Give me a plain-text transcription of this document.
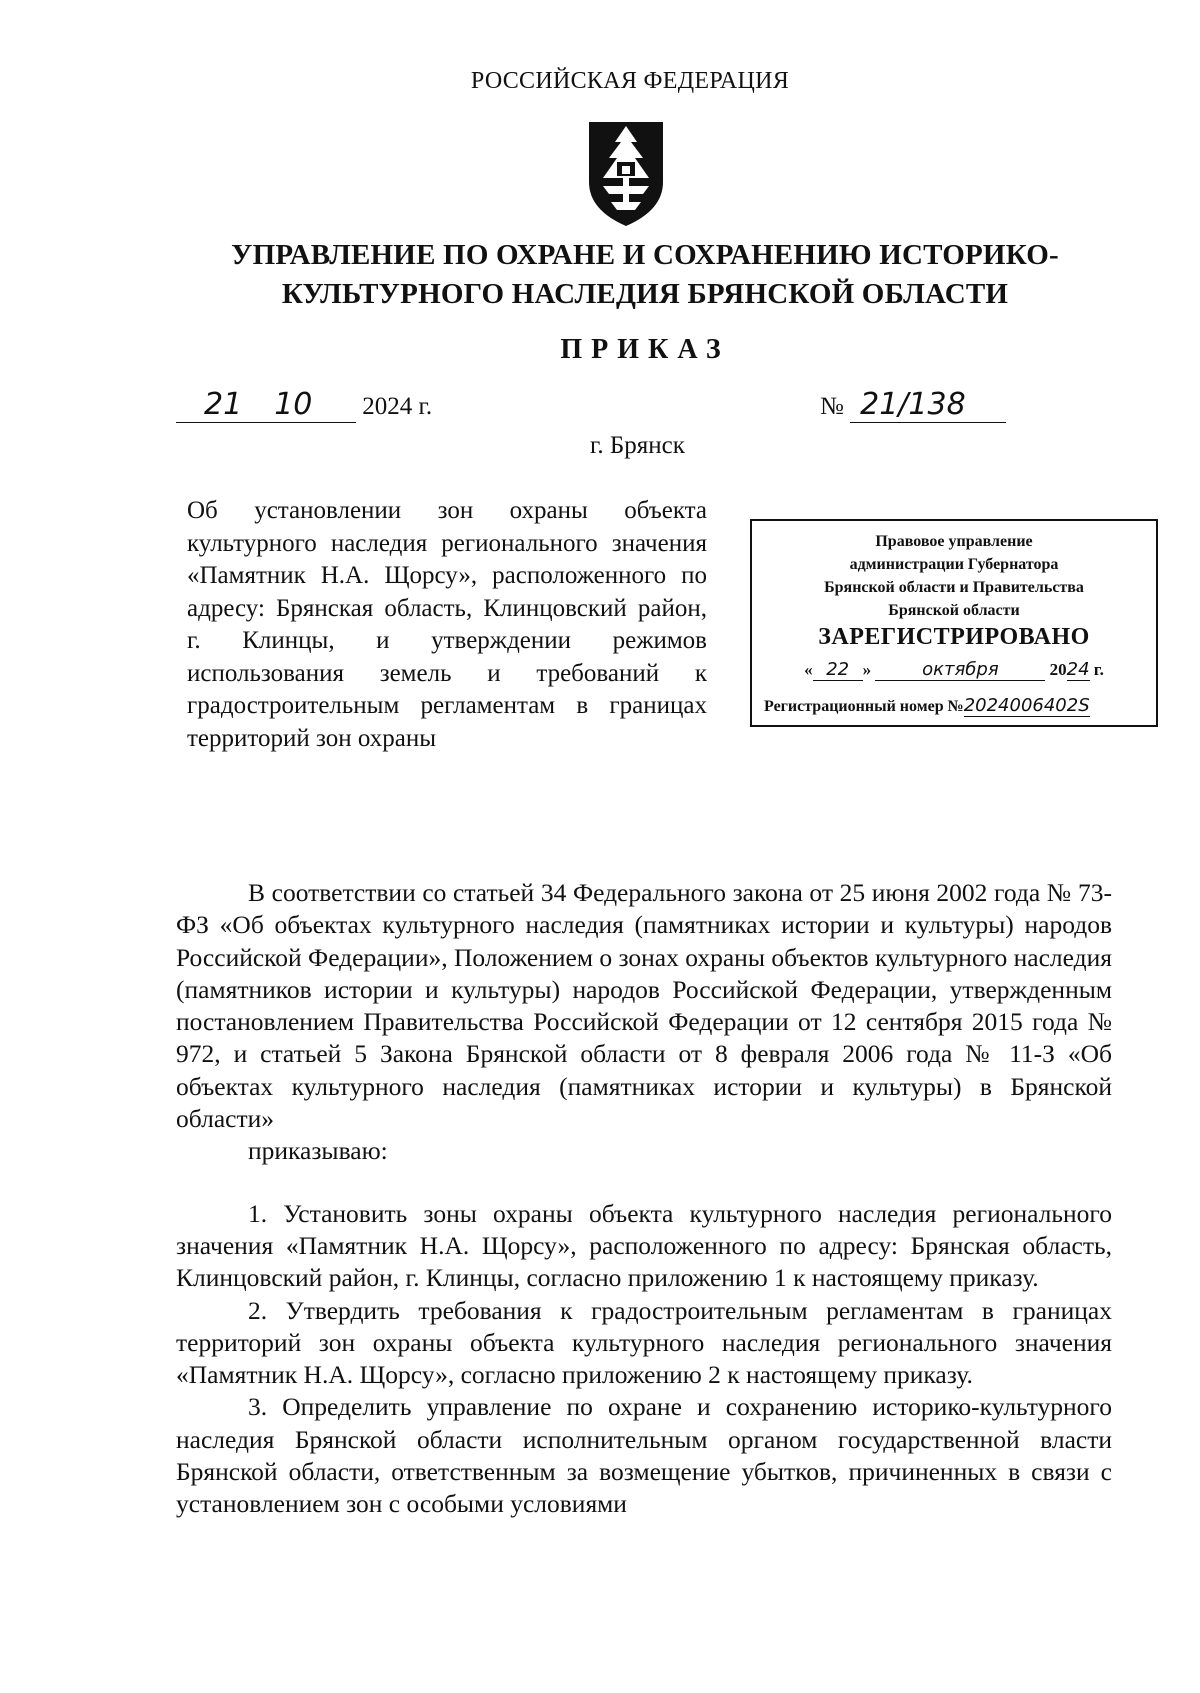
РОССИЙСКАЯ ФЕДЕРАЦИЯ
УПРАВЛЕНИЕ ПО ОХРАНЕ И СОХРАНЕНИЮ ИСТОРИКО-
КУЛЬТУРНОГО НАСЛЕДИЯ БРЯНСКОЙ ОБЛАСТИ
ПРИКАЗ
21 10 2024 г.	№ 21/138
г. Брянск

Об установлении зон охраны объекта культурного наследия регионального значения «Памятник Н.А. Щорсу», расположенного по адресу: Брянская область, Клинцовский район, г. Клинцы, и утверждении режимов использования земель и требований к градостроительным регламентам в границах территорий зон охраны

Правовое управление
администрации Губернатора
Брянской области и Правительства
Брянской области
ЗАРЕГИСТРИРОВАНО
« 22 »	октября	2024 г.
Регистрационный номер №2024006402S

В соответствии со статьей 34 Федерального закона от 25 июня 2002 года № 73-ФЗ «Об объектах культурного наследия (памятниках истории и культуры) народов Российской Федерации», Положением о зонах охраны объектов культурного наследия (памятников истории и культуры) народов Российской Федерации, утвержденным постановлением Правительства Российской Федерации от 12 сентября 2015 года № 972, и статьей 5 Закона Брянской области от 8 февраля 2006 года № 11-З «Об объектах культурного наследия (памятниках истории и культуры) в Брянской области»

приказываю:

1. Установить зоны охраны объекта культурного наследия регионального значения «Памятник Н.А. Щорсу», расположенного по адресу: Брянская область, Клинцовский район, г. Клинцы, согласно приложению 1 к настоящему приказу.

2. Утвердить требования к градостроительным регламентам в границах территорий зон охраны объекта культурного наследия регионального значения «Памятник Н.А. Щорсу», согласно приложению 2 к настоящему приказу.

3. Определить управление по охране и сохранению историко-культурного наследия Брянской области исполнительным органом государственной власти Брянской области, ответственным за возмещение убытков, причиненных в связи с установлением зон с особыми условиями
